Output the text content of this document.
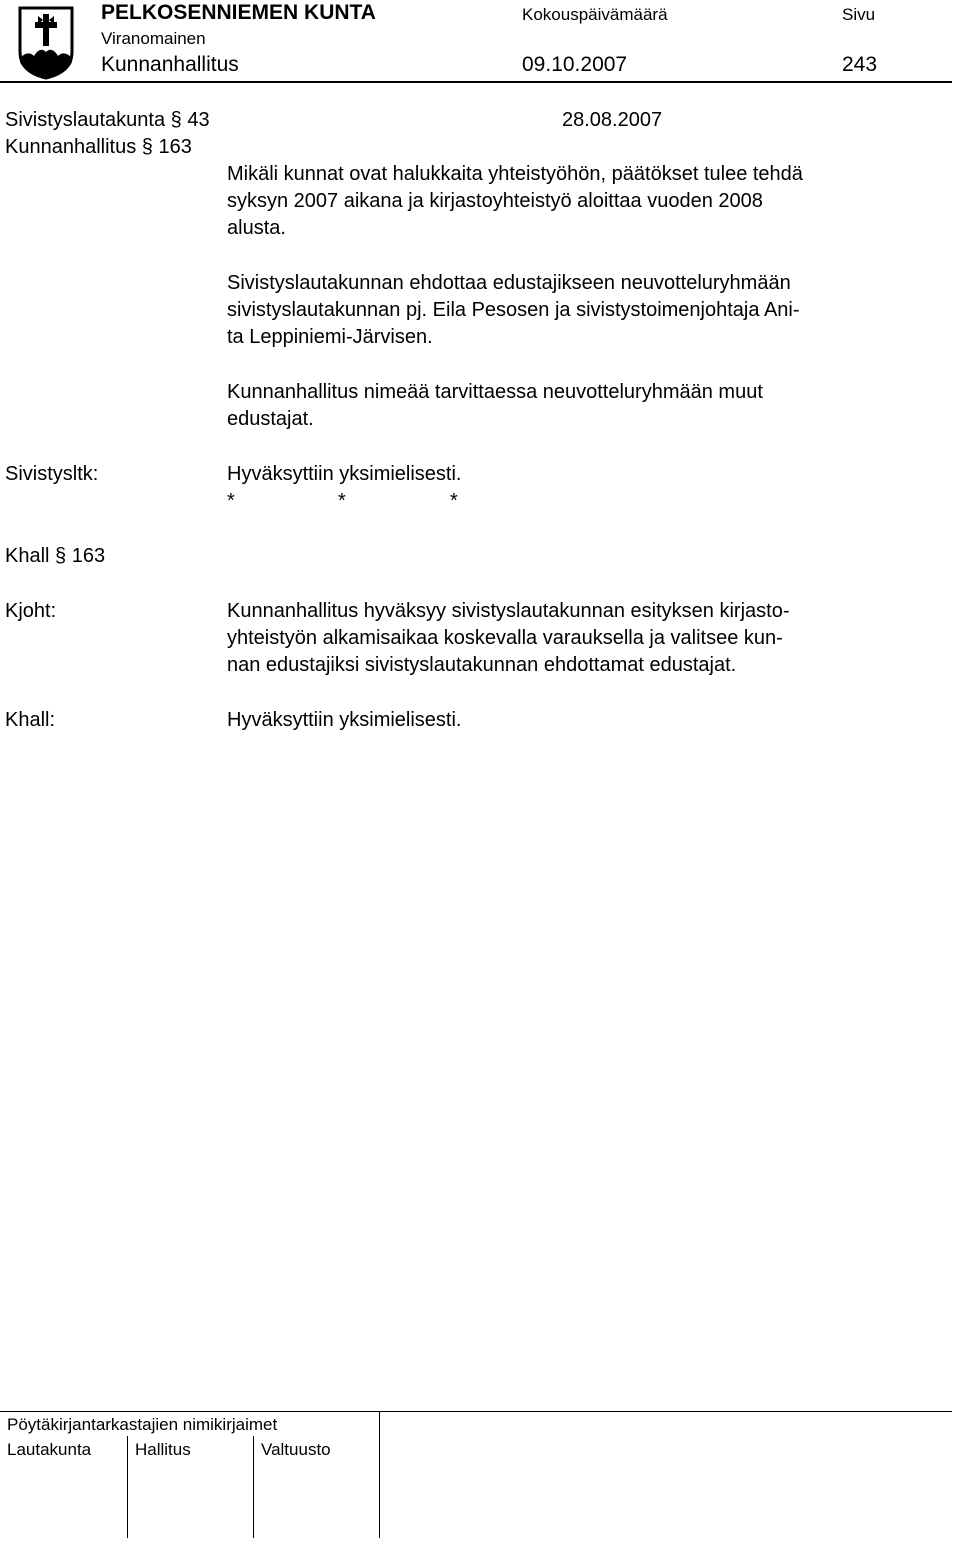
PELKOSENNIEMEN KUNTA
Viranomainen
Kunnanhallitus
Kokouspäivämäärä
09.10.2007
Sivu
243
Sivistyslautakunta § 43	28.08.2007
Kunnanhallitus § 163
Mikäli kunnat ovat halukkaita yhteistyöhön, päätökset tulee tehdä
syksyn 2007 aikana ja kirjastoyhteistyö aloittaa vuoden 2008
alusta.
Sivistyslautakunnan ehdottaa edustajikseen neuvotteluryhmään
sivistyslautakunnan pj. Eila Pesosen ja sivistystoimenjohtaja Ani-
ta Leppiniemi-Järvisen.
Kunnanhallitus nimeää tarvittaessa neuvotteluryhmään muut
edustajat.
Sivistysltk:	Hyväksyttiin yksimielisesti.
*	*	*
Khall § 163
Kjoht:	Kunnanhallitus hyväksyy sivistyslautakunnan esityksen kirjasto-
yhteistyön alkamisaikaa koskevalla varauksella ja valitsee kun-
nan edustajiksi sivistyslautakunnan ehdottamat edustajat.
Khall:	Hyväksyttiin yksimielisesti.
Pöytäkirjantarkastajien nimikirjaimet
Lautakunta	Hallitus	Valtuusto
